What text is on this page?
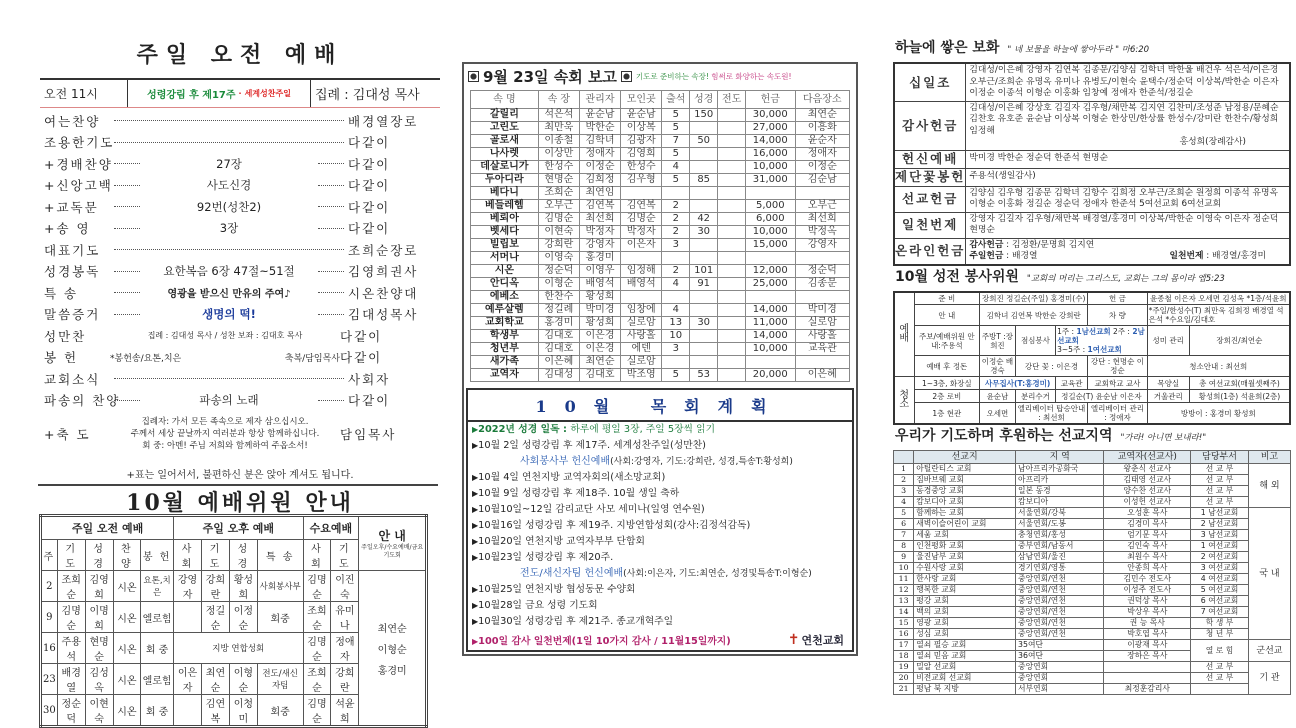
주일 오전 예배
오전 11시	성령강림 후 제17주 · 세계성찬주일	집례 : 김대성 목사
여는찬양	배경열장로
조용한기도	다같이
+경배찬양	27장	다같이
+신앙고백	사도신경	다같이
+교독문	92번(성찬2)	다같이
+송 영	3장	다같이
대표기도	조희순장로
성경봉독	요한복음 6장 47절~51절	김영희권사
특 송	영광을 받으신 만유의 주여♪	시온찬양대
말씀증거	생명의 떡!	김대성목사
성만찬	집례 : 김대성 목사 / 성찬 보좌 : 김대호 목사	다같이
봉 헌	*봉헌송/요톤,치은	축복/담임목사 다같이
교회소식	사회자
파송의 찬양	파송의 노래	다같이
+축 도
집례자: 가서 모든 족속으로 제자 삼으십시오.
주께서 세상 끝날까지 여러분과 항상 함께하십니다.
회 중: 아멘! 주님 저희와 함께하여 주옵소서!
담임목사
+표는 일어서서, 불편하신 분은 앉아 계셔도 됩니다.
10월 예배위원 안내
주일 오전 예배					주일 오후 예배				수요예배		안 내
주일오후/수요예배/금요기도회

주	기 도	성 경	찬 양	봉 헌	사 회	기 도	성 경	특 송	사 회	기 도	
2	조희순	김영희	시온	요톤,치은	강영자	강희란	황성희	사회봉사부	김명순	이진숙	최연순
이형순
홍경미

9	김명순	이명희	시온	엘로힘		정길순	이정순	회중	조희순	유미나	
16	주용석	현명순	시온	회 중	지방 연합성회				김명순	정애자	
23	배경열	김성옥	시온	엘로힘	이은자	최연순	이형순	전도/새신자팀	조희순	강희란	
30	정순덕	이현숙	시온	회 중		김연복	이청미	회중	김명순	석윤희	
9월 23일 속회 보고	기도로 준비하는 속장! 힘써로 화양하는 속도원!
속 명	속 장	관리자	모인곳	출석	성경	전도	헌금	다음장소
갈릴리	석은석	윤순남	윤순남	5	150		30,000	최연순
고린도	최만욱	박한순	이상복	5			27,000	이흥화
골로새	이종철	김학녀	김광자	7	50		14,000	윤순자
나사렛	이상만	정애자	김영희	5			16,000	정애자
데살로니가	한성수	이정순	한성수	4			10,000	이정순
두아디라	현명순	김희정	김우형	5	85		31,000	김순남
베다니	조희순	최연임						
베들레헴	오부근	김연복	김연복	2			5,000	오부근
베뢰아	김명순	최선희	김명순	2	42		6,000	최선희
벳세다	이현숙	박정자	박정자	2	30		10,000	박정옥
빌립보	강희란	강영자	이은자	3			15,000	강영자
서머나	이영숙	홍경미						
시온	정순덕	이영우	임정해	2	101		12,000	정순덕
안디옥	이형순	배영석	배영석	4	91		25,000	김종문
에베소	한찬수	황성희						
예루살렘	정길례	박미경	임창에	4			14,000	박미경
교회학교	홍경미	황성희	실로암	13	30		11,000	실로암
학생부	김대호	이은경	사랑홀	10			14,000	사랑홀
청년부	김대호	이은경	에덴	3			10,000	교육관
새가족	이은혜	최연순	실로암					
교역자	김대성	김대호	박조영	5	53		20,000	이은혜
10월 목회계획
▶2022년 성경 일독 : 하루에 평일 3장, 주일 5장씩 읽기
▶10월 2일 성령강림 후 제17주. 세계성찬주일(성만찬)
사회봉사부 헌신예배(사회:강영자, 기도:강희란, 성경,특송T:황성희)
▶10월 4일 연천지방 교역자회의(새소망교회)
▶10월 9일 성령강림 후 제18주. 10월 생일 축하
▶10월10일~12일 감리교단 사모 세미나(일영 연수원)
▶10월16일 성령강림 후 제19주. 지방연합성회(강사:김정석감독)
▶10월20일 연천지방 교역자부부 단합회
▶10월23일 성령강림 후 제20주.
전도/새신자팀 헌신예배(사회:이은자, 기도:최연순, 성경및특송T:이형순)
▶10월25일 연천지방 협성동문 수양회
▶10월28일 금요 성령 기도회
▶10월30일 성령강림 후 제21주. 종교개혁주일
▶100일 감사 일천번제(1일 10가지 감사 / 11월15일까지)	✝ 연천교회
하늘에 쌓은 보화 " 네 보물을 하늘에 쌓아두라 " 마6:20
십일조	김대성/이은혜 강영자 김연복 김종문/김양심 김학녀 박한울 배건우 석은석/이은경 오부근/조희순 유명옥 유미나 유병도/이현숙 윤택수/정순덕 이상복/박한순 이은자 이정순 이종석 이형순 이홍화 임창예 정애자 한준석/정길순
감사헌금	김대성/이은혜 강상호 김길자 김우형/채만복 김지연 김찬미/조성준 남정용/문혜순 김찬호 유호준 윤순남 이상복 이형순 한상민/한상률 한성수/강미란 한찬수/황성희 임정해
홍성희(장례감사)

헌신예배	박미경 박한순 정순덕 한준석 현명순
제단꽃봉헌	주용석(생일감사)
선교헌금	김양심 김우형 김종문 김학녀 김항수 김희정 오부근/조희순 원정희 이종석 유명옥 이형순 이홍화 정길순 정순덕 정애자 한준석 5여선교회 6여선교회
일천번제	강영자 김길자 김우형/채만복 배경열/홍경미 이상복/박한순 이영숙 이은자 정순덕 현명순
온라인헌금	감사헌금 : 김정환/문명희 김지연
주일헌금 : 배경열 일천번제 : 배경열/홍경미
10월 성전 봉사위원 "교회의 머리는 그리스도, 교회는 그의 몸이라 엡5:23
예배	준 비	장희진 정길순(주일) 홍경미(수)			헌 금	윤종철 이은자 오세면 김성옥 *1층/석윤희	
	안 내	김학녀 김연복 박한순 강희란			차 량	*주일/한성수(T) 최만욱 김희정 배경열 석은석 *수요일/김대호	
	주보/예배위원 안내:주용석	주방T :장희진	점심봉사	1주 : 1남선교회 2주 : 2남선교회
3~5주 : 1여선교회		성미 관리	장희진/최연순
	예배 후 정돈	이정순 배경숙	강단 꽃 : 이은경		강단 : 현명순 이정순	청소안내 : 최선희	
청소	1~3층, 화장실	사무집사(T:홍경미)		교육관	교회학교 교사	목양실	총 여선교회(매월셋째주)
	2층 로비	윤순남	분리수거	정길순(T) 윤순남 이은자		거울관리	황성희(1층) 석윤희(2층)
	1층 현관	오세면	엘리베이터 탑승안내 : 최선희		엘리베이터 관리 : 정애자	방방이 : 홍경미 황성희	
우리가 기도하며 후원하는 선교지역 "가라! 아니면 보내라!"
	선교지	지 역	교역자(선교사)	담당부서	비고
1	아틸란티스 교회	남아프리카공화국	왕춘식 선교사	선 교 부	해 외
2	짐바브웨 교회	아프리카	김태영 선교사	선 교 부	
3	동경중앙 교회	일본 동경	양수찬 선교사	선 교 부	
4	캄보디아 교회	캄보디아	이성헌 선교사	선 교 부	
5	함께하는 교회	서울연회/강북	오성훈 목사	1 남선교회	국 내
6	새벽이슬어린이 교회	서울연회/도봉	김경미 목사	2 남선교회	
7	세움 교회	충청연회/홍성	엄기문 목사	3 남선교회	
8	인천평화 교회	중부연회/남동서	김인숙 목사	1 여선교회	
9	울진남부 교회	삼남연회/울진	최원수 목사	2 여선교회	
10	수원사랑 교회	경기연회/영통	안종희 목사	3 여선교회	
11	한사랑 교회	중앙연회/연천	김민수 전도사	4 여선교회	
12	행복한 교회	중앙연회/연천	이성주 전도사	5 여선교회	
13	평강 교회	중앙연회/연천	권덕상 목사	6 여선교회	
14	백의 교회	중앙연회/연천	박상우 목사	7 여선교회	
15	영광 교회	중앙연회/연천	권 능 목사	학 생 부	
16	성심 교회	중앙연회/연천	박호엽 목사	청 년 부	
17	열쇠 필승 교회	35여단	이광재 목사	열 로 힘	군선교
18	열쇠 믿음 교회	36여단	장하은 목사		
19	밀알 선교회	중앙연회		선 교 부	기 관
20	비전교회 선교회	중앙연회		선 교 부	
21	평남 북 지방	서부연회	최정훈감리사		
